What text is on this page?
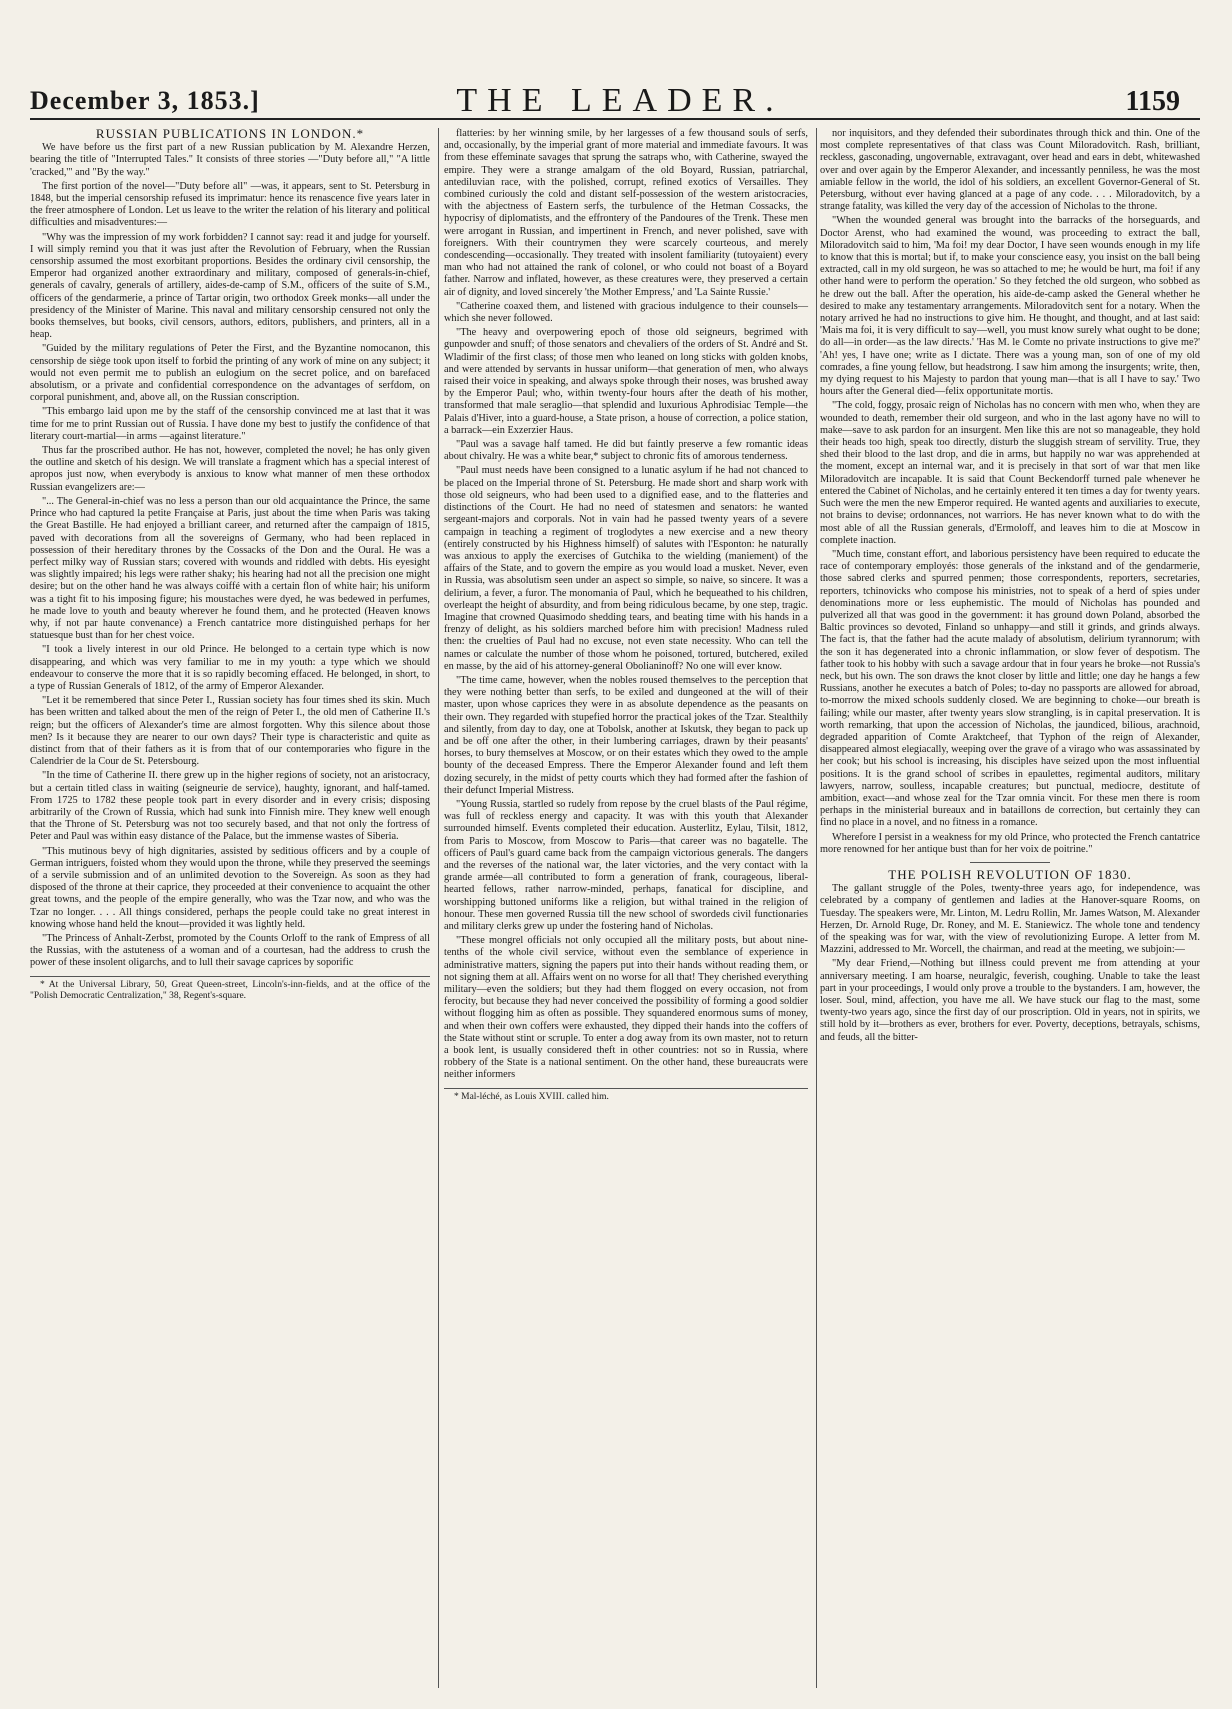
December 3, 1853.]	THE LEADER.	1159

RUSSIAN PUBLICATIONS IN LONDON.*

We have before us the first part of a new Russian publication by M. Alexandre Herzen, bearing the title of "Interrupted Tales." It consists of three stories —"Duty before all," "A little 'cracked,'" and "By the way."

The first portion of the novel—"Duty before all" —was, it appears, sent to St. Petersburg in 1848, but the imperial censorship refused its imprimatur: hence its renascence five years later in the freer atmosphere of London. Let us leave to the writer the relation of his literary and political difficulties and misadventures:—

"Why was the impression of my work forbidden? I cannot say: read it and judge for yourself. I will simply remind you that it was just after the Revolution of February, when the Russian censorship assumed the most exorbitant proportions. Besides the ordinary civil censorship, the Emperor had organized another extraordinary and military, composed of generals-in-chief, generals of cavalry, generals of artillery, aides-de-camp of S.M., officers of the suite of S.M., officers of the gendarmerie, a prince of Tartar origin, two orthodox Greek monks—all under the presidency of the Minister of Marine. This naval and military censorship censured not only the books themselves, but books, civil censors, authors, editors, publishers, and printers, all in a heap.

"Guided by the military regulations of Peter the First, and the Byzantine nomocanon, this censorship de siège took upon itself to forbid the printing of any work of mine on any subject; it would not even permit me to publish an eulogium on the secret police, and on barefaced absolutism, or a private and confidential correspondence on the advantages of serfdom, on corporal punishment, and, above all, on the Russian conscription.

"This embargo laid upon me by the staff of the censorship convinced me at last that it was time for me to print Russian out of Russia. I have done my best to justify the confidence of that literary court-martial—in arms —against literature."

Thus far the proscribed author. He has not, however, completed the novel; he has only given the outline and sketch of his design. We will translate a fragment which has a special interest of apropos just now, when everybody is anxious to know what manner of men these orthodox Russian evangelizers are:—

"... The General-in-chief was no less a person than our old acquaintance the Prince, the same Prince who had captured la petite Française at Paris, just about the time when Paris was taking the Great Bastille. He had enjoyed a brilliant career, and returned after the campaign of 1815, paved with decorations from all the sovereigns of Germany, who had been replaced in possession of their hereditary thrones by the Cossacks of the Don and the Oural. He was a perfect milky way of Russian stars; covered with wounds and riddled with debts. His eyesight was slightly impaired; his legs were rather shaky; his hearing had not all the precision one might desire; but on the other hand he was always coiffé with a certain flon of white hair; his uniform was a tight fit to his imposing figure; his moustaches were dyed, he was bedewed in perfumes, he made love to youth and beauty wherever he found them, and he protected (Heaven knows why, if not par haute convenance) a French cantatrice more distinguished perhaps for her statuesque bust than for her chest voice.

"I took a lively interest in our old Prince. He belonged to a certain type which is now disappearing, and which was very familiar to me in my youth: a type which we should endeavour to conserve the more that it is so rapidly becoming effaced. He belonged, in short, to a type of Russian Generals of 1812, of the army of Emperor Alexander.

"Let it be remembered that since Peter I., Russian society has four times shed its skin. Much has been written and talked about the men of the reign of Peter I., the old men of Catherine II.'s reign; but the officers of Alexander's time are almost forgotten. Why this silence about those men? Is it because they are nearer to our own days? Their type is characteristic and quite as distinct from that of their fathers as it is from that of our contemporaries who figure in the Calendrier de la Cour de St. Petersbourg.

"In the time of Catherine II. there grew up in the higher regions of society, not an aristocracy, but a certain titled class in waiting (seigneurie de service), haughty, ignorant, and half-tamed. From 1725 to 1782 these people took part in every disorder and in every crisis; disposing arbitrarily of the Crown of Russia, which had sunk into Finnish mire. They knew well enough that the Throne of St. Petersburg was not too securely based, and that not only the fortress of Peter and Paul was within easy distance of the Palace, but the immense wastes of Siberia.

"This mutinous bevy of high dignitaries, assisted by seditious officers and by a couple of German intriguers, foisted whom they would upon the throne, while they preserved the seemings of a servile submission and of an unlimited devotion to the Sovereign. As soon as they had disposed of the throne at their caprice, they proceeded at their convenience to acquaint the other great towns, and the people of the empire generally, who was the Tzar now, and who was the Tzar no longer. . . . All things considered, perhaps the people could take no great interest in knowing whose hand held the knout—provided it was lightly held.

"The Princess of Anhalt-Zerbst, promoted by the Counts Orloff to the rank of Empress of all the Russias, with the astuteness of a woman and of a courtesan, had the address to crush the power of these insolent oligarchs, and to lull their savage caprices by soporific

* At the Universal Library, 50, Great Queen-street, Lincoln's-inn-fields, and at the office of the "Polish Democratic Centralization," 38, Regent's-square.

flatteries: by her winning smile, by her largesses of a few thousand souls of serfs, and, occasionally, by the imperial grant of more material and immediate favours. It was from these effeminate savages that sprung the satraps who, with Catherine, swayed the empire. They were a strange amalgam of the old Boyard, Russian, patriarchal, antediluvian race, with the polished, corrupt, refined exotics of Versailles. They combined curiously the cold and distant self-possession of the western aristocracies, with the abjectness of Eastern serfs, the turbulence of the Hetman Cossacks, the hypocrisy of diplomatists, and the effrontery of the Pandoures of the Trenk. These men were arrogant in Russian, and impertinent in French, and never polished, save with foreigners. With their countrymen they were scarcely courteous, and merely condescending—occasionally. They treated with insolent familiarity (tutoyaient) every man who had not attained the rank of colonel, or who could not boast of a Boyard father. Narrow and inflated, however, as these creatures were, they preserved a certain air of dignity, and loved sincerely 'the Mother Empress,' and 'La Sainte Russie.'

"Catherine coaxed them, and listened with gracious indulgence to their counsels—which she never followed.

"The heavy and overpowering epoch of those old seigneurs, begrimed with gunpowder and snuff; of those senators and chevaliers of the orders of St. André and St. Wladimir of the first class; of those men who leaned on long sticks with golden knobs, and were attended by servants in hussar uniform—that generation of men, who always raised their voice in speaking, and always spoke through their noses, was brushed away by the Emperor Paul; who, within twenty-four hours after the death of his mother, transformed that male seraglio—that splendid and luxurious Aphrodisiac Temple—the Palais d'Hiver, into a guard-house, a State prison, a house of correction, a police station, a barrack—ein Exzerzier Haus.

"Paul was a savage half tamed. He did but faintly preserve a few romantic ideas about chivalry. He was a white bear,* subject to chronic fits of amorous tenderness.

"Paul must needs have been consigned to a lunatic asylum if he had not chanced to be placed on the Imperial throne of St. Petersburg. He made short and sharp work with those old seigneurs, who had been used to a dignified ease, and to the flatteries and distinctions of the Court. He had no need of statesmen and senators: he wanted sergeant-majors and corporals. Not in vain had he passed twenty years of a severe campaign in teaching a regiment of troglodytes a new exercise and a new theory (entirely constructed by his Highness himself) of salutes with l'Esponton: he naturally was anxious to apply the exercises of Gutchika to the wielding (maniement) of the affairs of the State, and to govern the empire as you would load a musket. Never, even in Russia, was absolutism seen under an aspect so simple, so naive, so sincere. It was a delirium, a fever, a furor. The monomania of Paul, which he bequeathed to his children, overleapt the height of absurdity, and from being ridiculous became, by one step, tragic. Imagine that crowned Quasimodo shedding tears, and beating time with his hands in a frenzy of delight, as his soldiers marched before him with precision! Madness ruled then: the cruelties of Paul had no excuse, not even state necessity. Who can tell the names or calculate the number of those whom he poisoned, tortured, butchered, exiled en masse, by the aid of his attorney-general Obolianinoff? No one will ever know.

"The time came, however, when the nobles roused themselves to the perception that they were nothing better than serfs, to be exiled and dungeoned at the will of their master, upon whose caprices they were in as absolute dependence as the peasants on their own. They regarded with stupefied horror the practical jokes of the Tzar. Stealthily and silently, from day to day, one at Tobolsk, another at Iskutsk, they began to pack up and be off one after the other, in their lumbering carriages, drawn by their peasants' horses, to bury themselves at Moscow, or on their estates which they owed to the ample bounty of the deceased Empress. There the Emperor Alexander found and left them dozing securely, in the midst of petty courts which they had formed after the fashion of their defunct Imperial Mistress.

"Young Russia, startled so rudely from repose by the cruel blasts of the Paul régime, was full of reckless energy and capacity. It was with this youth that Alexander surrounded himself. Events completed their education. Austerlitz, Eylau, Tilsit, 1812, from Paris to Moscow, from Moscow to Paris—that career was no bagatelle. The officers of Paul's guard came back from the campaign victorious generals. The dangers and the reverses of the national war, the later victories, and the very contact with la grande armée—all contributed to form a generation of frank, courageous, liberal-hearted fellows, rather narrow-minded, perhaps, fanatical for discipline, and worshipping buttoned uniforms like a religion, but withal trained in the religion of honour. These men governed Russia till the new school of swordeds civil functionaries and military clerks grew up under the fostering hand of Nicholas.

"These mongrel officials not only occupied all the military posts, but about nine-tenths of the whole civil service, without even the semblance of experience in administrative matters, signing the papers put into their hands without reading them, or not signing them at all. Affairs went on no worse for all that! They cherished everything military—even the soldiers; but they had them flogged on every occasion, not from ferocity, but because they had never conceived the possibility of forming a good soldier without flogging him as often as possible. They squandered enormous sums of money, and when their own coffers were exhausted, they dipped their hands into the coffers of the State without stint or scruple. To enter a dog away from its own master, not to return a book lent, is usually considered theft in other countries: not so in Russia, where robbery of the State is a national sentiment. On the other hand, these bureaucrats were neither informers

* Mal-léché, as Louis XVIII. called him.

nor inquisitors, and they defended their subordinates through thick and thin. One of the most complete representatives of that class was Count Miloradovitch. Rash, brilliant, reckless, gasconading, ungovernable, extravagant, over head and ears in debt, whitewashed over and over again by the Emperor Alexander, and incessantly penniless, he was the most amiable fellow in the world, the idol of his soldiers, an excellent Governor-General of St. Petersburg, without ever having glanced at a page of any code. . . . Miloradovitch, by a strange fatality, was killed the very day of the accession of Nicholas to the throne.

"When the wounded general was brought into the barracks of the horseguards, and Doctor Arenst, who had examined the wound, was proceeding to extract the ball, Miloradovitch said to him, 'Ma foi! my dear Doctor, I have seen wounds enough in my life to know that this is mortal; but if, to make your conscience easy, you insist on the ball being extracted, call in my old surgeon, he was so attached to me; he would be hurt, ma foi! if any other hand were to perform the operation.' So they fetched the old surgeon, who sobbed as he drew out the ball. After the operation, his aide-de-camp asked the General whether he desired to make any testamentary arrangements. Miloradovitch sent for a notary. When the notary arrived he had no instructions to give him. He thought, and thought, and at last said: 'Mais ma foi, it is very difficult to say—well, you must know surely what ought to be done; do all—in order—as the law directs.' 'Has M. le Comte no private instructions to give me?' 'Ah! yes, I have one; write as I dictate. There was a young man, son of one of my old comrades, a fine young fellow, but headstrong. I saw him among the insurgents; write, then, my dying request to his Majesty to pardon that young man—that is all I have to say.' Two hours after the General died—felix opportunitate mortis.

"The cold, foggy, prosaic reign of Nicholas has no concern with men who, when they are wounded to death, remember their old surgeon, and who in the last agony have no will to make—save to ask pardon for an insurgent. Men like this are not so manageable, they hold their heads too high, speak too directly, disturb the sluggish stream of servility. True, they shed their blood to the last drop, and die in arms, but happily no war was apprehended at the moment, except an internal war, and it is precisely in that sort of war that men like Miloradovitch are incapable. It is said that Count Beckendorff turned pale whenever he entered the Cabinet of Nicholas, and he certainly entered it ten times a day for twenty years. Such were the men the new Emperor required. He wanted agents and auxiliaries to execute, not brains to devise; ordonnances, not warriors. He has never known what to do with the most able of all the Russian generals, d'Ermoloff, and leaves him to die at Moscow in complete inaction.

"Much time, constant effort, and laborious persistency have been required to educate the race of contemporary employés: those generals of the inkstand and of the gendarmerie, those sabred clerks and spurred penmen; those correspondents, reporters, secretaries, reporters, tchinovicks who compose his ministries, not to speak of a herd of spies under denominations more or less euphemistic. The mould of Nicholas has pounded and pulverized all that was good in the government: it has ground down Poland, absorbed the Baltic provinces so devoted, Finland so unhappy—and still it grinds, and grinds always. The fact is, that the father had the acute malady of absolutism, delirium tyrannorum; with the son it has degenerated into a chronic inflammation, or slow fever of despotism. The father took to his hobby with such a savage ardour that in four years he broke—not Russia's neck, but his own. The son draws the knot closer by little and little; one day he hangs a few Russians, another he executes a batch of Poles; to-day no passports are allowed for abroad, to-morrow the mixed schools suddenly closed. We are beginning to choke—our breath is failing; while our master, after twenty years slow strangling, is in capital preservation. It is worth remarking, that upon the accession of Nicholas, the jaundiced, bilious, arachnoid, degraded apparition of Comte Araktcheef, that Typhon of the reign of Alexander, disappeared almost elegiacally, weeping over the grave of a virago who was assassinated by her cook; but his school is increasing, his disciples have seized upon the most influential positions. It is the grand school of scribes in epaulettes, regimental auditors, military lawyers, narrow, soulless, incapable creatures; but punctual, mediocre, destitute of ambition, exact—and whose zeal for the Tzar omnia vincit. For these men there is room perhaps in the ministerial bureaux and in bataillons de correction, but certainly they can find no place in a novel, and no fitness in a romance.

Wherefore I persist in a weakness for my old Prince, who protected the French cantatrice more renowned for her antique bust than for her voix de poitrine."

THE POLISH REVOLUTION OF 1830.

The gallant struggle of the Poles, twenty-three years ago, for independence, was celebrated by a company of gentlemen and ladies at the Hanover-square Rooms, on Tuesday. The speakers were, Mr. Linton, M. Ledru Rollin, Mr. James Watson, M. Alexander Herzen, Dr. Arnold Ruge, Dr. Roney, and M. E. Staniewicz. The whole tone and tendency of the speaking was for war, with the view of revolutionizing Europe. A letter from M. Mazzini, addressed to Mr. Worcell, the chairman, and read at the meeting, we subjoin:—

"My dear Friend,—Nothing but illness could prevent me from attending at your anniversary meeting. I am hoarse, neuralgic, feverish, coughing. Unable to take the least part in your proceedings, I would only prove a trouble to the bystanders. I am, however, the loser. Soul, mind, affection, you have me all. We have stuck our flag to the mast, some twenty-two years ago, since the first day of our proscription. Old in years, not in spirits, we still hold by it—brothers as ever, brothers for ever. Poverty, deceptions, betrayals, schisms, and feuds, all the bitter-
